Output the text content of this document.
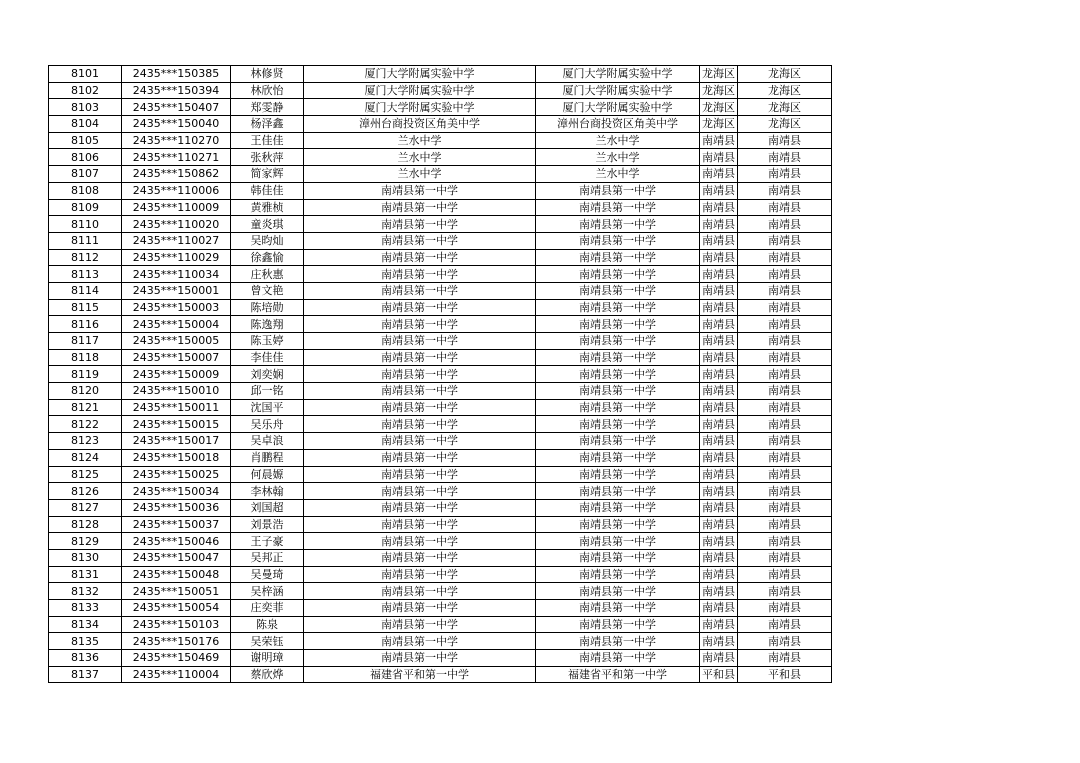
8101	2435***150385	林修贤	厦门大学附属实验中学	厦门大学附属实验中学	龙海区	龙海区
8102	2435***150394	林欣怡	厦门大学附属实验中学	厦门大学附属实验中学	龙海区	龙海区
8103	2435***150407	郑雯静	厦门大学附属实验中学	厦门大学附属实验中学	龙海区	龙海区
8104	2435***150040	杨泽鑫	漳州台商投资区角美中学	漳州台商投资区角美中学	龙海区	龙海区
8105	2435***110270	王佳佳	兰水中学	兰水中学	南靖县	南靖县
8106	2435***110271	张秋萍	兰水中学	兰水中学	南靖县	南靖县
8107	2435***150862	简家辉	兰水中学	兰水中学	南靖县	南靖县
8108	2435***110006	韩佳佳	南靖县第一中学	南靖县第一中学	南靖县	南靖县
8109	2435***110009	黄雅桢	南靖县第一中学	南靖县第一中学	南靖县	南靖县
8110	2435***110020	童炎琪	南靖县第一中学	南靖县第一中学	南靖县	南靖县
8111	2435***110027	吴昀灿	南靖县第一中学	南靖县第一中学	南靖县	南靖县
8112	2435***110029	徐鑫愉	南靖县第一中学	南靖县第一中学	南靖县	南靖县
8113	2435***110034	庄秋惠	南靖县第一中学	南靖县第一中学	南靖县	南靖县
8114	2435***150001	曾文艳	南靖县第一中学	南靖县第一中学	南靖县	南靖县
8115	2435***150003	陈培勋	南靖县第一中学	南靖县第一中学	南靖县	南靖县
8116	2435***150004	陈逸翔	南靖县第一中学	南靖县第一中学	南靖县	南靖县
8117	2435***150005	陈玉婷	南靖县第一中学	南靖县第一中学	南靖县	南靖县
8118	2435***150007	李佳佳	南靖县第一中学	南靖县第一中学	南靖县	南靖县
8119	2435***150009	刘奕娴	南靖县第一中学	南靖县第一中学	南靖县	南靖县
8120	2435***150010	邱一铭	南靖县第一中学	南靖县第一中学	南靖县	南靖县
8121	2435***150011	沈国平	南靖县第一中学	南靖县第一中学	南靖县	南靖县
8122	2435***150015	吴乐舟	南靖县第一中学	南靖县第一中学	南靖县	南靖县
8123	2435***150017	吴卓浪	南靖县第一中学	南靖县第一中学	南靖县	南靖县
8124	2435***150018	肖鹏程	南靖县第一中学	南靖县第一中学	南靖县	南靖县
8125	2435***150025	何晨嫄	南靖县第一中学	南靖县第一中学	南靖县	南靖县
8126	2435***150034	李林翰	南靖县第一中学	南靖县第一中学	南靖县	南靖县
8127	2435***150036	刘国超	南靖县第一中学	南靖县第一中学	南靖县	南靖县
8128	2435***150037	刘景浩	南靖县第一中学	南靖县第一中学	南靖县	南靖县
8129	2435***150046	王子豪	南靖县第一中学	南靖县第一中学	南靖县	南靖县
8130	2435***150047	吴邦正	南靖县第一中学	南靖县第一中学	南靖县	南靖县
8131	2435***150048	吴曼琦	南靖县第一中学	南靖县第一中学	南靖县	南靖县
8132	2435***150051	吴梓涵	南靖县第一中学	南靖县第一中学	南靖县	南靖县
8133	2435***150054	庄奕菲	南靖县第一中学	南靖县第一中学	南靖县	南靖县
8134	2435***150103	陈泉	南靖县第一中学	南靖县第一中学	南靖县	南靖县
8135	2435***150176	吴荣钰	南靖县第一中学	南靖县第一中学	南靖县	南靖县
8136	2435***150469	谢明璋	南靖县第一中学	南靖县第一中学	南靖县	南靖县
8137	2435***110004	蔡欣烨	福建省平和第一中学	福建省平和第一中学	平和县	平和县
